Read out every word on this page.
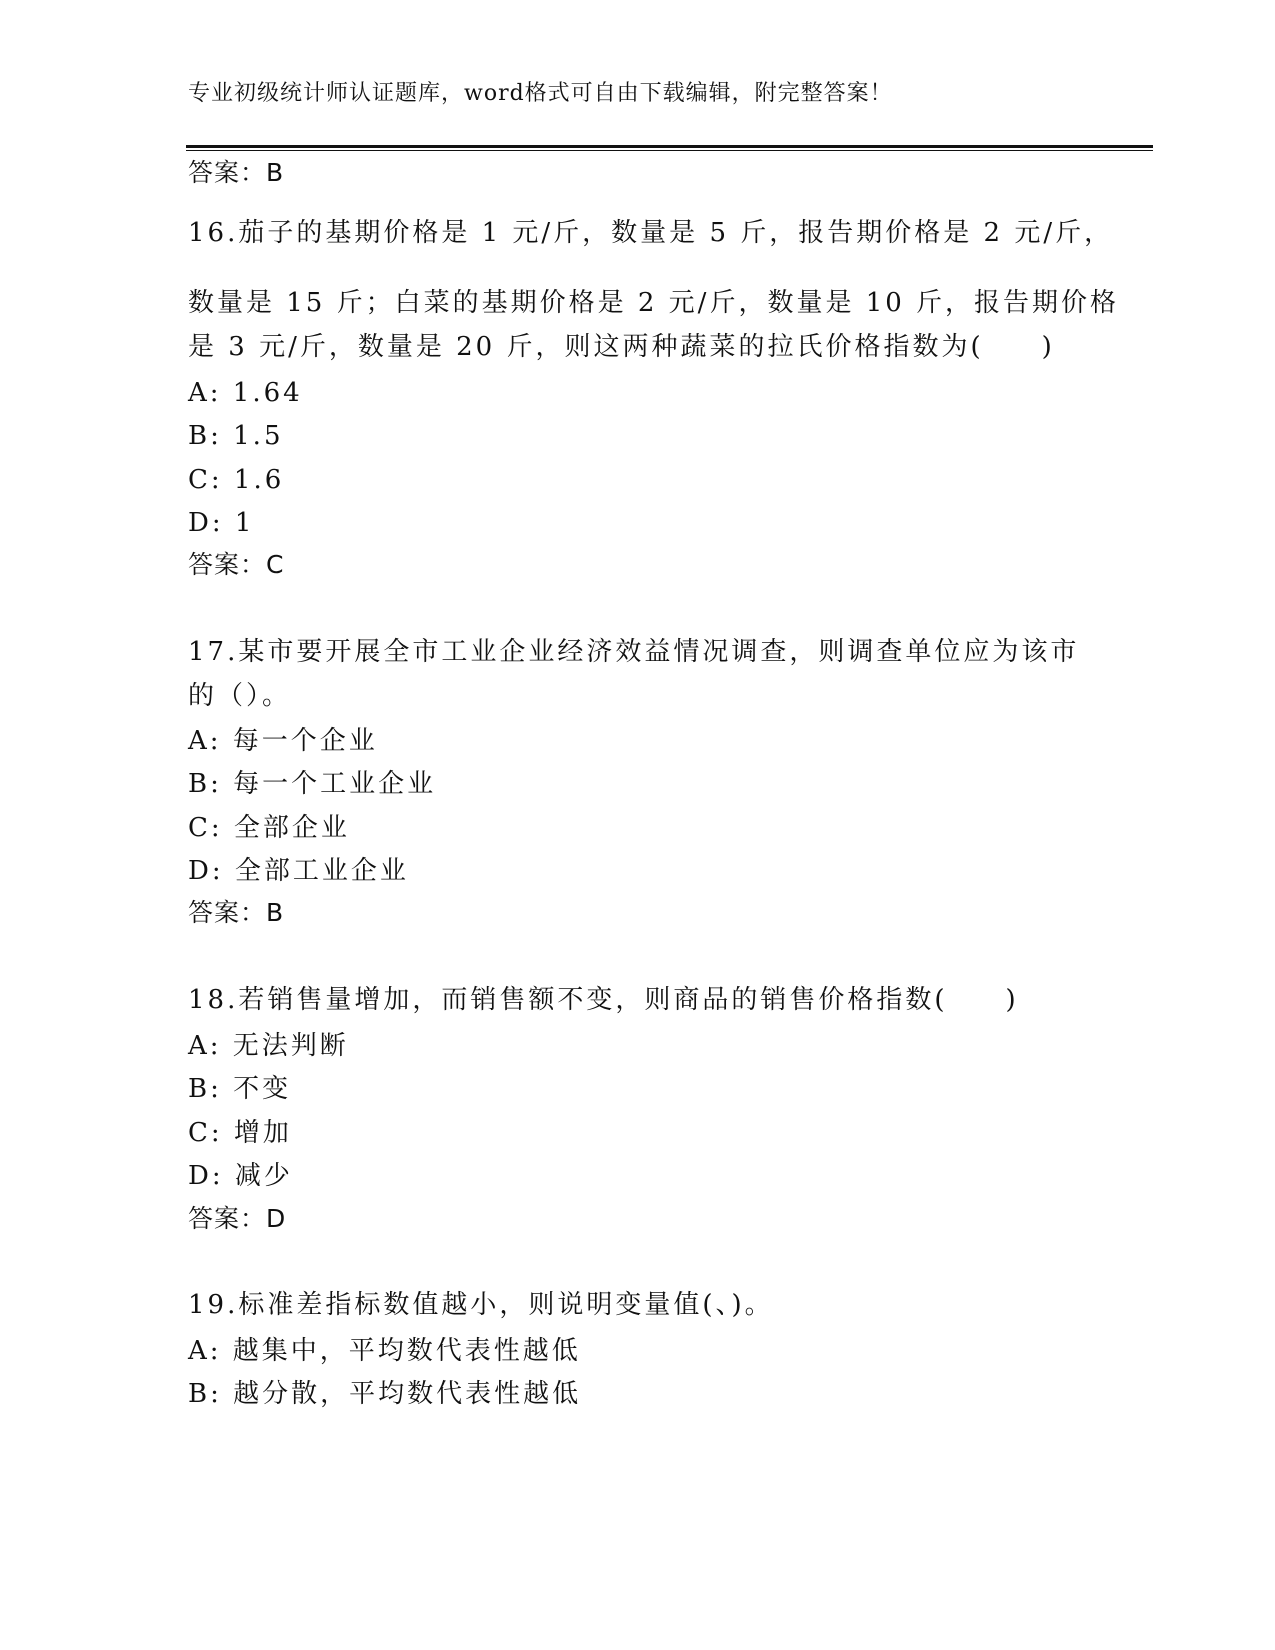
专业初级统计师认证题库，word格式可自由下载编辑，附完整答案！
答案：B
16.茄子的基期价格是 1 元/斤，数量是 5 斤，报告期价格是 2 元/斤，
数量是 15 斤；白菜的基期价格是 2 元/斤，数量是 10 斤，报告期价格
是 3 元/斤，数量是 20 斤，则这两种蔬菜的拉氏价格指数为(　　)
A: 1.64
B: 1.5
C: 1.6
D: 1
答案：C
17.某市要开展全市工业企业经济效益情况调查，则调查单位应为该市
的（）。
A: 每一个企业
B: 每一个工业企业
C: 全部企业
D: 全部工业企业
答案：B
18.若销售量增加，而销售额不变，则商品的销售价格指数(　　)
A: 无法判断
B: 不变
C: 增加
D: 减少
答案：D
19.标准差指标数值越小，则说明变量值(、)。
A: 越集中，平均数代表性越低
B: 越分散，平均数代表性越低
